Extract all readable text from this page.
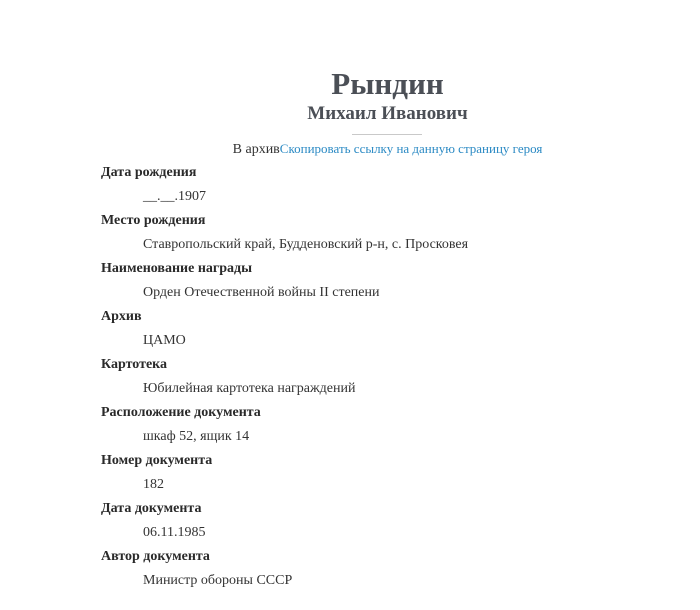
Рындин
Михаил Иванович
В архивСкопировать ссылку на данную страницу героя
Дата рождения
__.__.1907
Место рождения
Ставропольский край, Будденовский р-н, с. Просковея
Наименование награды
Орден Отечественной войны II степени
Архив
ЦАМО
Картотека
Юбилейная картотека награждений
Расположение документа
шкаф 52, ящик 14
Номер документа
182
Дата документа
06.11.1985
Автор документа
Министр обороны СССР
